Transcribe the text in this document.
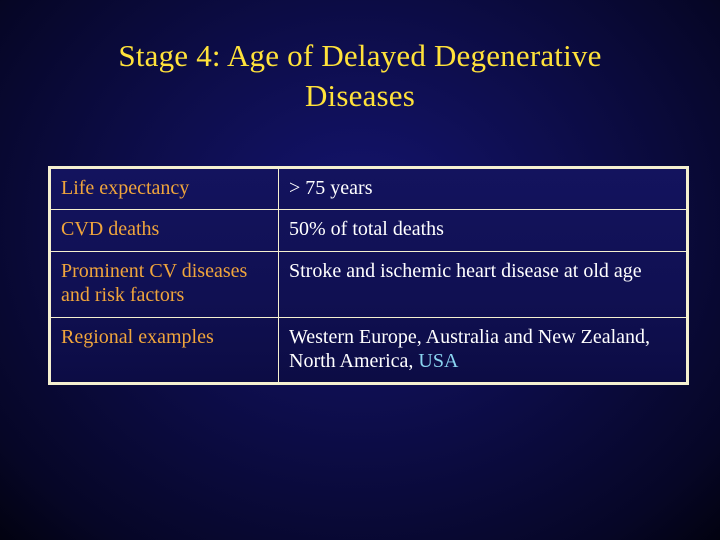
Stage 4: Age of Delayed Degenerative
Diseases
Life expectancy	> 75 years
CVD deaths	50% of total deaths
Prominent CV diseases and risk factors	Stroke and ischemic heart disease at old age
Regional examples	Western Europe, Australia and New Zealand, North America, USA
